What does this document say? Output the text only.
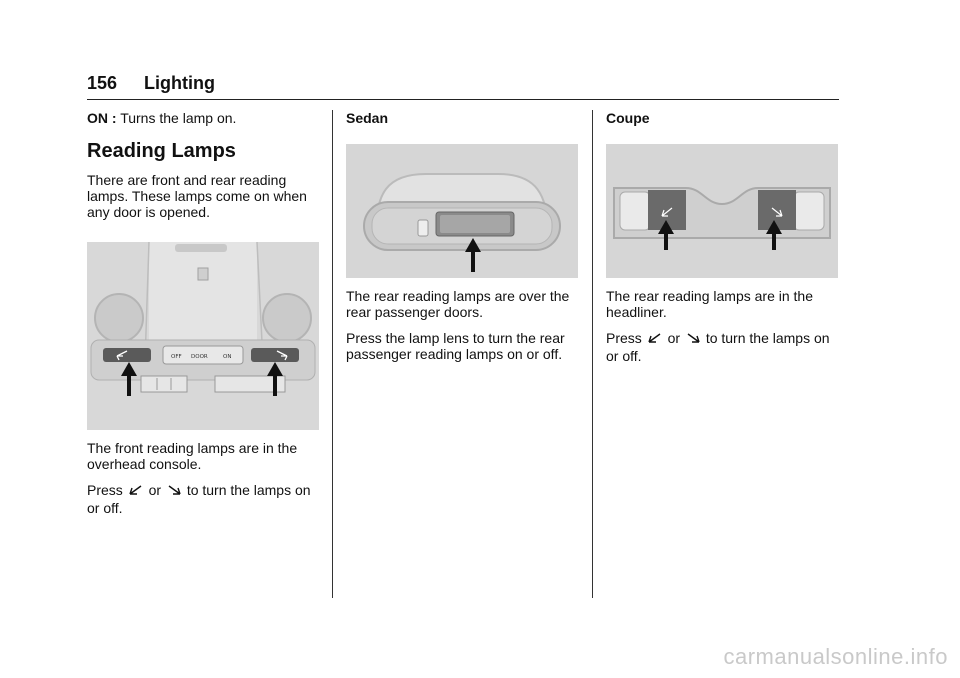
156 Lighting

ON : Turns the lamp on.

Reading Lamps

There are front and rear reading lamps. These lamps come on when any door is opened.

OFF DOOR	ON

The front reading lamps are in the overhead console.

Press or to turn the lamps on

or off.

Sedan

The rear reading lamps are over the rear passenger doors.

Press the lamp lens to turn the rear passenger reading lamps on or off.

Coupe

The rear reading lamps are in the headliner.

Press or to turn the lamps on

or off.

carmanualsonline.info
